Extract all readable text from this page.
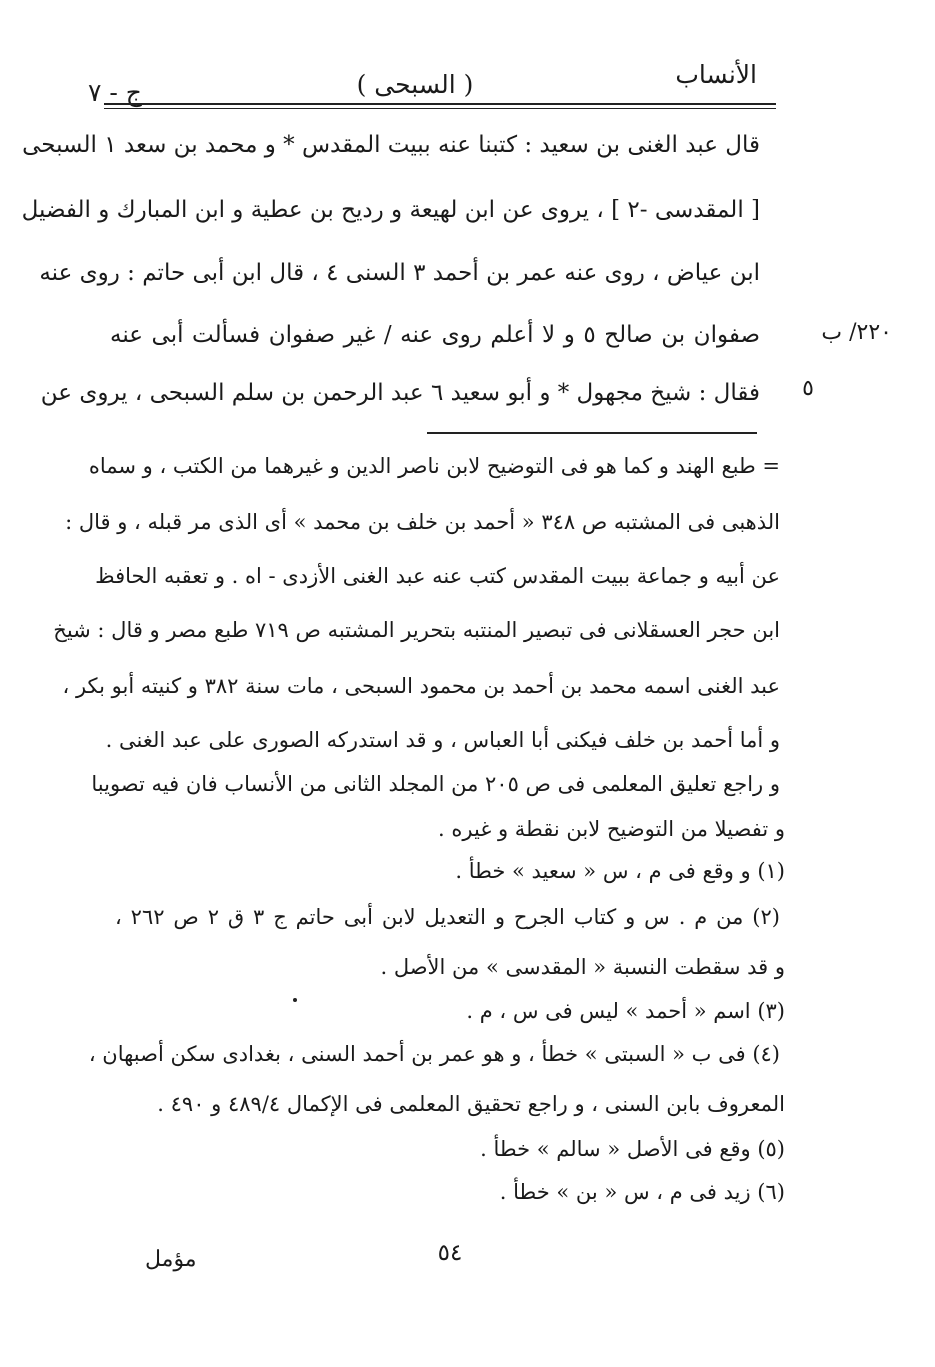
الأنساب
( السبحى )
ج - ٧
قال عبد الغنى بن سعيد : كتبنا عنه ببيت المقدس * و محمد بن سعد ١ السبحى
[ المقدسى -٢ ] ، يروى عن ابن لهيعة و رديح بن عطية و ابن المبارك و الفضيل
ابن عياض ، روى عنه عمر بن أحمد ٣ السنى ٤ ، قال ابن أبى حاتم : روى عنه
صفوان بن صالح ٥ و لا أعلم روى عنه / غير صفوان فسألت أبى عنه
فقال : شيخ مجهول * و أبو سعيد ٦ عبد الرحمن بن سلم السبحى ، يروى عن
٢٢٠/ ب
٥
= طبع الهند و كما هو فى التوضيح لابن ناصر الدين و غيرهما من الكتب ، و سماه
الذهبى فى المشتبه ص ٣٤٨ « أحمد بن خلف بن محمد » أى الذى مر قبله ، و قال :
عن أبيه و جماعة ببيت المقدس كتب عنه عبد الغنى الأزدى - اه . و تعقبه الحافظ
ابن حجر العسقلانى فى تبصير المنتبه بتحرير المشتبه ص ٧١٩ طبع مصر و قال : شيخ
عبد الغنى اسمه محمد بن أحمد بن محمود السبحى ، مات سنة ٣٨٢ و كنيته أبو بكر ،
و أما أحمد بن خلف فيكنى أبا العباس ، و قد استدركه الصورى على عبد الغنى .
و راجع تعليق المعلمى فى ص ٢٠٥ من المجلد الثانى من الأنساب فان فيه تصويبا
و تفصيلا من التوضيح لابن نقطة و غيره .
(١) و وقع فى م ، س « سعيد » خطأ .
(٢) من م . س و كتاب الجرح و التعديل لابن أبى حاتم ج ٣ ق ٢ ص ٢٦٢ ،
و قد سقطت النسبة « المقدسى » من الأصل .
(٣) اسم « أحمد » ليس فى س ، م .
(٤) فى ب « السبتى » خطأ ، و هو عمر بن أحمد السنى ، بغدادى سكن أصبهان ،
المعروف بابن السنى ، و راجع تحقيق المعلمى فى الإكمال ٤٨٩/٤ و ٤٩٠ .
(٥) وقع فى الأصل « سالم » خطأ .
(٦) زيد فى م ، س « بن » خطأ .
٥٤
مؤمل
